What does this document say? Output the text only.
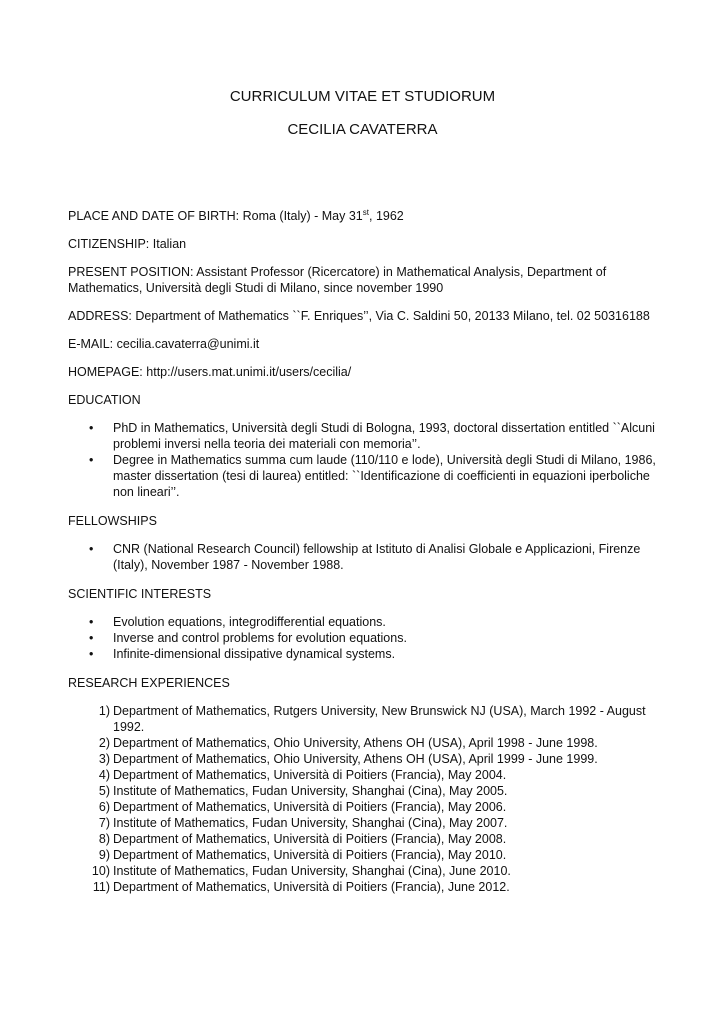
CURRICULUM VITAE ET STUDIORUM
CECILIA CAVATERRA

PLACE AND DATE OF BIRTH: Roma (Italy) - May 31st, 1962

CITIZENSHIP: Italian

PRESENT POSITION: Assistant Professor (Ricercatore) in Mathematical Analysis, Department of Mathematics, Università degli Studi di Milano, since november 1990

ADDRESS: Department of Mathematics ``F. Enriques’’, Via C. Saldini 50, 20133 Milano, tel. 02 50316188

E-MAIL: cecilia.cavaterra@unimi.it

HOMEPAGE: http://users.mat.unimi.it/users/cecilia/

EDUCATION

• PhD in Mathematics, Università degli Studi di Bologna, 1993, doctoral dissertation entitled ``Alcuni problemi inversi nella teoria dei materiali con memoria’’.
• Degree in Mathematics summa cum laude (110/110 e lode), Università degli Studi di Milano, 1986, master dissertation (tesi di laurea) entitled: ``Identificazione di coefficienti in equazioni iperboliche non lineari’’.

FELLOWSHIPS

• CNR (National Research Council) fellowship at Istituto di Analisi Globale e Applicazioni, Firenze (Italy), November 1987 - November 1988.

SCIENTIFIC INTERESTS

• Evolution equations, integrodifferential equations.
• Inverse and control problems for evolution equations.
• Infinite-dimensional dissipative dynamical systems.

RESEARCH EXPERIENCES

1) Department of Mathematics, Rutgers University, New Brunswick NJ (USA), March 1992 - August 1992.
2) Department of Mathematics, Ohio University, Athens OH (USA), April 1998 - June 1998.
3) Department of Mathematics, Ohio University, Athens OH (USA), April 1999 - June 1999.
4) Department of Mathematics, Università di Poitiers (Francia), May 2004.
5) Institute of Mathematics, Fudan University, Shanghai (Cina), May 2005.
6) Department of Mathematics, Università di Poitiers (Francia), May 2006.
7) Institute of Mathematics, Fudan University, Shanghai (Cina), May 2007.
8) Department of Mathematics, Università di Poitiers (Francia), May 2008.
9) Department of Mathematics, Università di Poitiers (Francia), May 2010.
10) Institute of Mathematics, Fudan University, Shanghai (Cina), June 2010.
11) Department of Mathematics, Università di Poitiers (Francia), June 2012.
